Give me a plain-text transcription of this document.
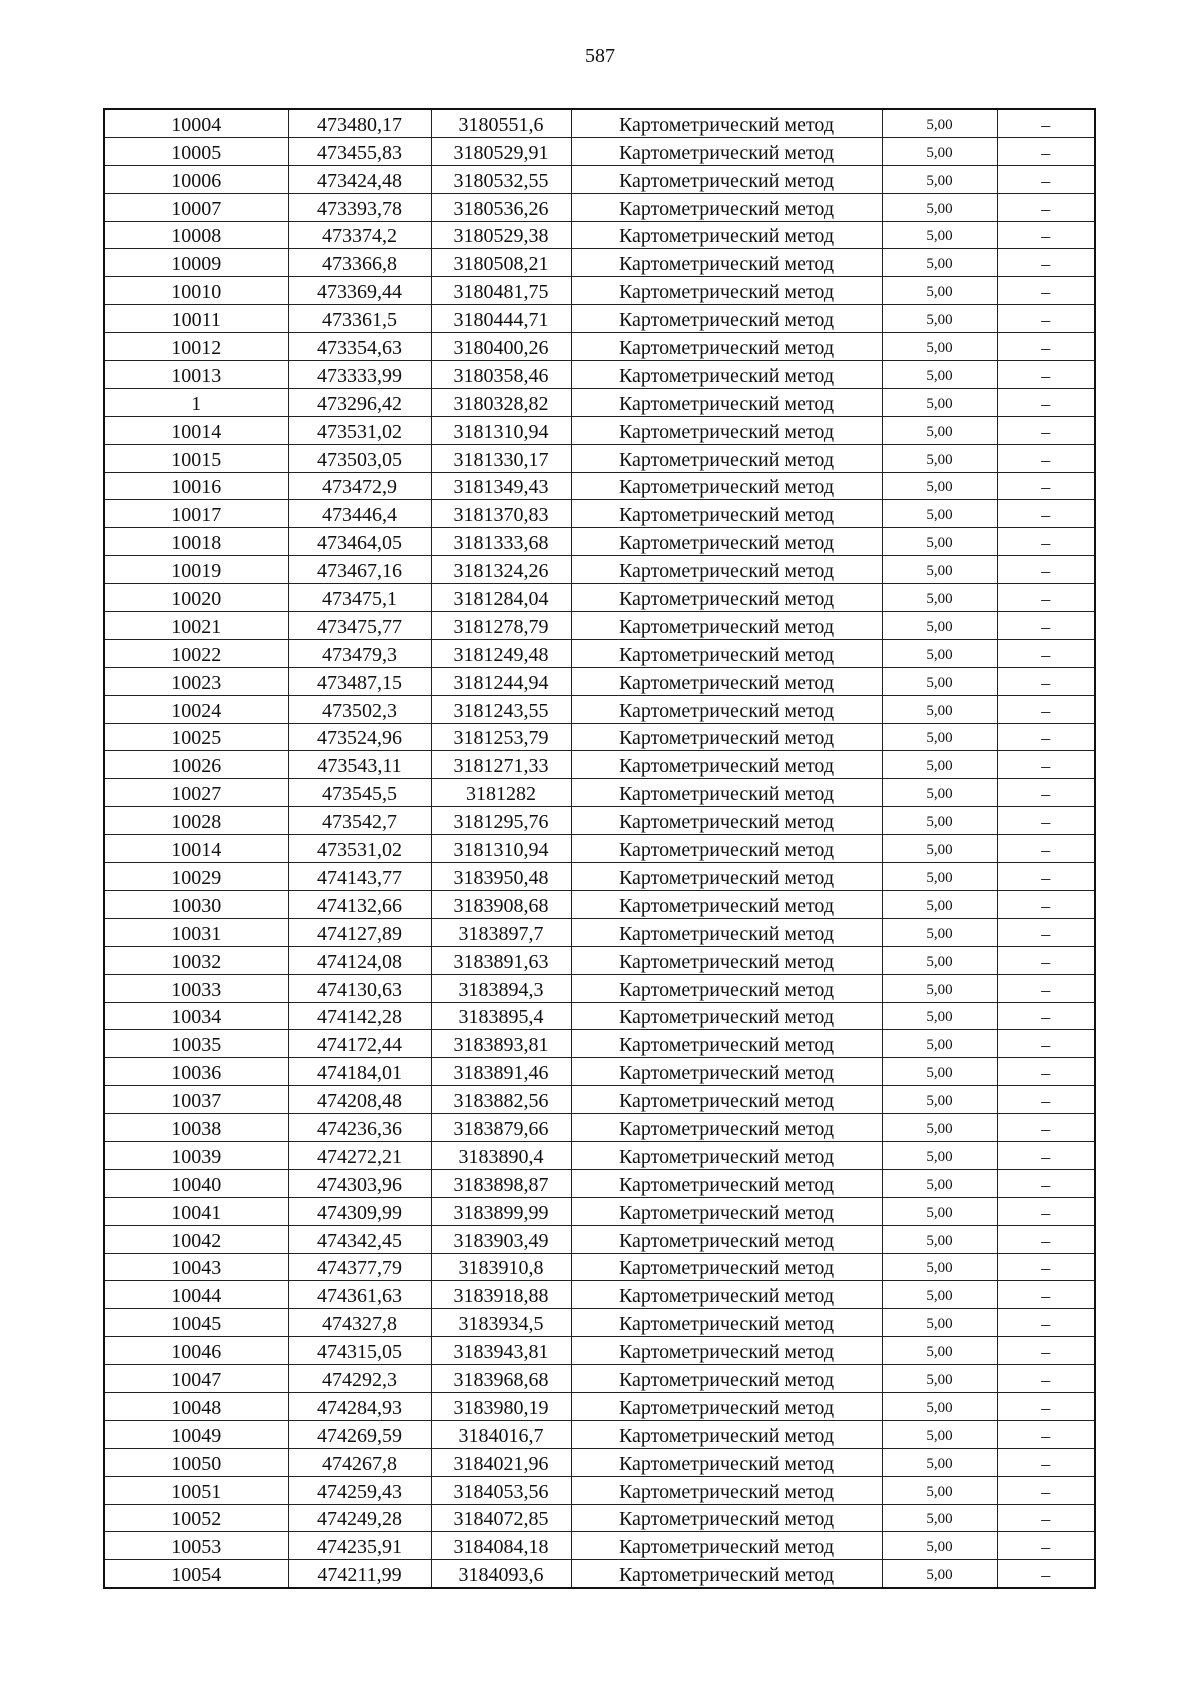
587
10004	473480,17	3180551,6	Картометрический метод	5,00	–
10005	473455,83	3180529,91	Картометрический метод	5,00	–
10006	473424,48	3180532,55	Картометрический метод	5,00	–
10007	473393,78	3180536,26	Картометрический метод	5,00	–
10008	473374,2	3180529,38	Картометрический метод	5,00	–
10009	473366,8	3180508,21	Картометрический метод	5,00	–
10010	473369,44	3180481,75	Картометрический метод	5,00	–
10011	473361,5	3180444,71	Картометрический метод	5,00	–
10012	473354,63	3180400,26	Картометрический метод	5,00	–
10013	473333,99	3180358,46	Картометрический метод	5,00	–
1	473296,42	3180328,82	Картометрический метод	5,00	–
10014	473531,02	3181310,94	Картометрический метод	5,00	–
10015	473503,05	3181330,17	Картометрический метод	5,00	–
10016	473472,9	3181349,43	Картометрический метод	5,00	–
10017	473446,4	3181370,83	Картометрический метод	5,00	–
10018	473464,05	3181333,68	Картометрический метод	5,00	–
10019	473467,16	3181324,26	Картометрический метод	5,00	–
10020	473475,1	3181284,04	Картометрический метод	5,00	–
10021	473475,77	3181278,79	Картометрический метод	5,00	–
10022	473479,3	3181249,48	Картометрический метод	5,00	–
10023	473487,15	3181244,94	Картометрический метод	5,00	–
10024	473502,3	3181243,55	Картометрический метод	5,00	–
10025	473524,96	3181253,79	Картометрический метод	5,00	–
10026	473543,11	3181271,33	Картометрический метод	5,00	–
10027	473545,5	3181282	Картометрический метод	5,00	–
10028	473542,7	3181295,76	Картометрический метод	5,00	–
10014	473531,02	3181310,94	Картометрический метод	5,00	–
10029	474143,77	3183950,48	Картометрический метод	5,00	–
10030	474132,66	3183908,68	Картометрический метод	5,00	–
10031	474127,89	3183897,7	Картометрический метод	5,00	–
10032	474124,08	3183891,63	Картометрический метод	5,00	–
10033	474130,63	3183894,3	Картометрический метод	5,00	–
10034	474142,28	3183895,4	Картометрический метод	5,00	–
10035	474172,44	3183893,81	Картометрический метод	5,00	–
10036	474184,01	3183891,46	Картометрический метод	5,00	–
10037	474208,48	3183882,56	Картометрический метод	5,00	–
10038	474236,36	3183879,66	Картометрический метод	5,00	–
10039	474272,21	3183890,4	Картометрический метод	5,00	–
10040	474303,96	3183898,87	Картометрический метод	5,00	–
10041	474309,99	3183899,99	Картометрический метод	5,00	–
10042	474342,45	3183903,49	Картометрический метод	5,00	–
10043	474377,79	3183910,8	Картометрический метод	5,00	–
10044	474361,63	3183918,88	Картометрический метод	5,00	–
10045	474327,8	3183934,5	Картометрический метод	5,00	–
10046	474315,05	3183943,81	Картометрический метод	5,00	–
10047	474292,3	3183968,68	Картометрический метод	5,00	–
10048	474284,93	3183980,19	Картометрический метод	5,00	–
10049	474269,59	3184016,7	Картометрический метод	5,00	–
10050	474267,8	3184021,96	Картометрический метод	5,00	–
10051	474259,43	3184053,56	Картометрический метод	5,00	–
10052	474249,28	3184072,85	Картометрический метод	5,00	–
10053	474235,91	3184084,18	Картометрический метод	5,00	–
10054	474211,99	3184093,6	Картометрический метод	5,00	–
